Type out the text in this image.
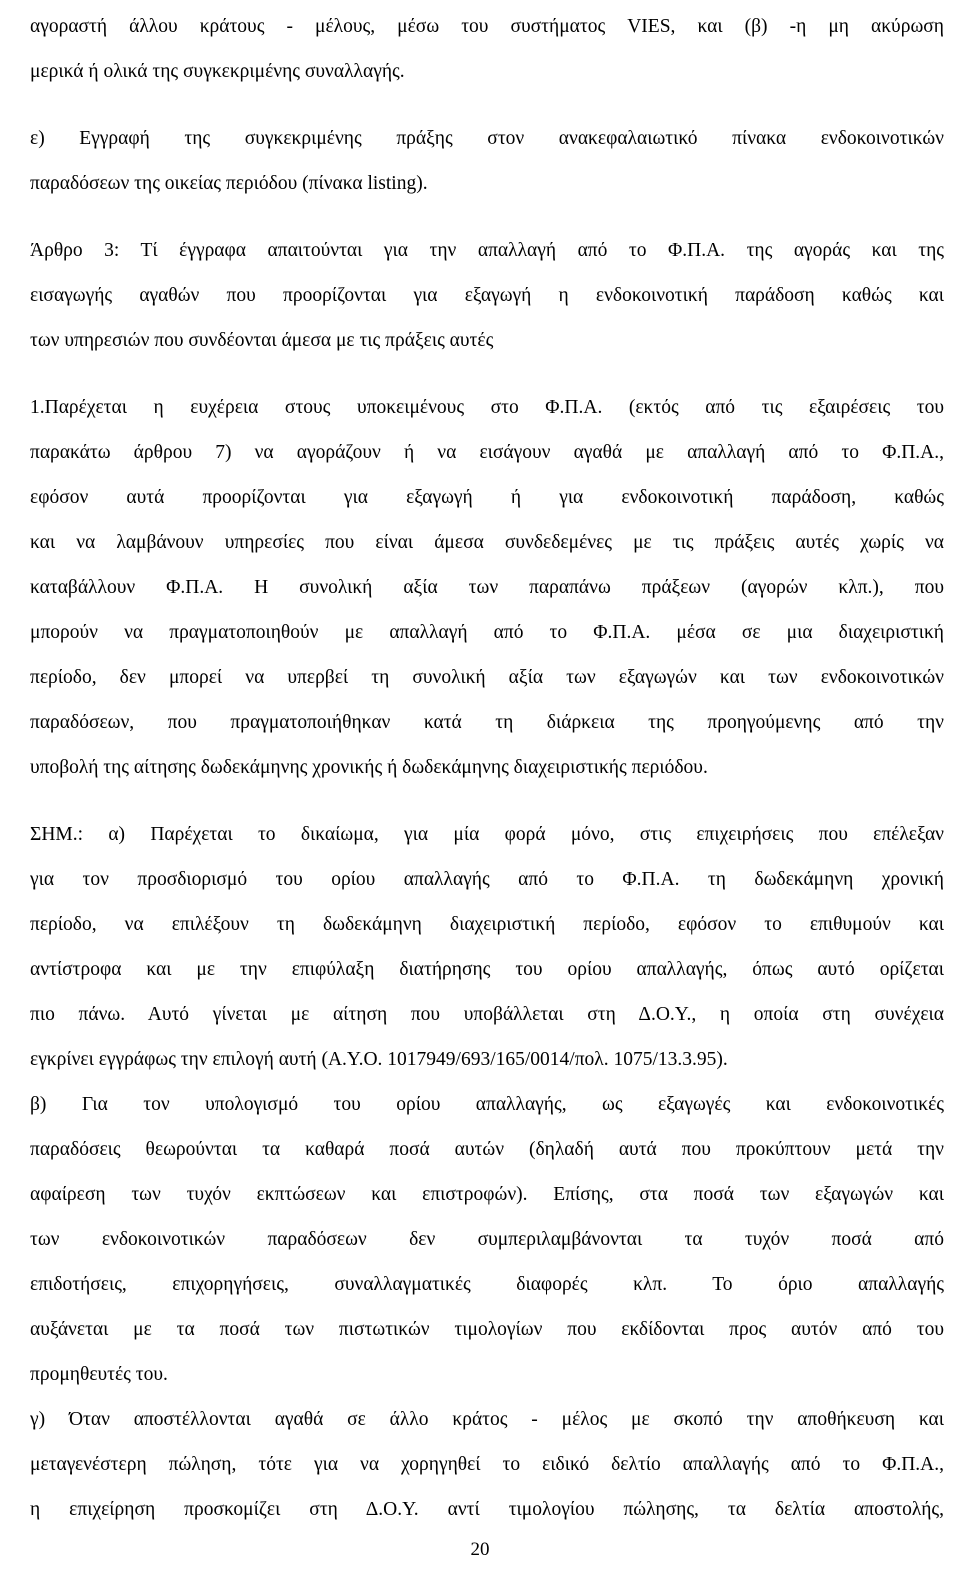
αγοραστή άλλου κράτους - μέλους, μέσω του συστήματος VIES, και (β) -η μη ακύρωση
μερικά ή ολικά της συγκεκριμένης συναλλαγής.
ε) Εγγραφή της συγκεκριμένης πράξης στον ανακεφαλαιωτικό πίνακα ενδοκοινοτικών
παραδόσεων της οικείας περιόδου (πίνακα listing).
Άρθρο 3: Τί έγγραφα απαιτούνται για την απαλλαγή από το Φ.Π.Α. της αγοράς και της
εισαγωγής αγαθών που προορίζονται για εξαγωγή η ενδοκοινοτική παράδοση καθώς και
των υπηρεσιών που συνδέονται άμεσα με τις πράξεις αυτές
1.Παρέχεται η ευχέρεια στους υποκειμένους στο Φ.Π.Α. (εκτός από τις εξαιρέσεις του
παρακάτω άρθρου 7) να αγοράζουν ή να εισάγουν αγαθά με απαλλαγή από το Φ.Π.Α.,
εφόσον αυτά προορίζονται για εξαγωγή ή για ενδοκοινοτική παράδοση, καθώς
και να λαμβάνουν υπηρεσίες που είναι άμεσα συνδεδεμένες με τις πράξεις αυτές χωρίς να
καταβάλλουν Φ.Π.Α. Η συνολική αξία των παραπάνω πράξεων (αγορών κλπ.), που
μπορούν να πραγματοποιηθούν με απαλλαγή από το Φ.Π.Α. μέσα σε μια διαχειριστική
περίοδο, δεν μπορεί να υπερβεί τη συνολική αξία των εξαγωγών και των ενδοκοινοτικών
παραδόσεων, που πραγματοποιήθηκαν κατά τη διάρκεια της προηγούμενης από την
υποβολή της αίτησης δωδεκάμηνης χρονικής ή δωδεκάμηνης διαχειριστικής περιόδου.
ΣΗΜ.: α) Παρέχεται το δικαίωμα, για μία φορά μόνο, στις επιχειρήσεις που επέλεξαν
για τον προσδιορισμό του ορίου απαλλαγής από το Φ.Π.Α. τη δωδεκάμηνη χρονική
περίοδο, να επιλέξουν τη δωδεκάμηνη διαχειριστική περίοδο, εφόσον το επιθυμούν και
αντίστροφα και με την επιφύλαξη διατήρησης του ορίου απαλλαγής, όπως αυτό ορίζεται
πιο πάνω. Αυτό γίνεται με αίτηση που υποβάλλεται στη Δ.Ο.Υ., η οποία στη συνέχεια
εγκρίνει εγγράφως την επιλογή αυτή (Α.Υ.Ο. 1017949/693/165/0014/πολ. 1075/13.3.95).
β) Για τον υπολογισμό του ορίου απαλλαγής, ως εξαγωγές και ενδοκοινοτικές
παραδόσεις θεωρούνται τα καθαρά ποσά αυτών (δηλαδή αυτά που προκύπτουν μετά την
αφαίρεση των τυχόν εκπτώσεων και επιστροφών). Επίσης, στα ποσά των εξαγωγών και
των ενδοκοινοτικών παραδόσεων δεν συμπεριλαμβάνονται τα τυχόν ποσά από
επιδοτήσεις, επιχορηγήσεις, συναλλαγματικές διαφορές κλπ. Το όριο απαλλαγής
αυξάνεται με τα ποσά των πιστωτικών τιμολογίων που εκδίδονται προς αυτόν από του
προμηθευτές του.
γ) Όταν αποστέλλονται αγαθά σε άλλο κράτος - μέλος με σκοπό την αποθήκευση και
μεταγενέστερη πώληση, τότε για να χορηγηθεί το ειδικό δελτίο απαλλαγής από το Φ.Π.Α.,
η επιχείρηση προσκομίζει στη Δ.Ο.Υ. αντί τιμολογίου πώλησης, τα δελτία αποστολής,
20
